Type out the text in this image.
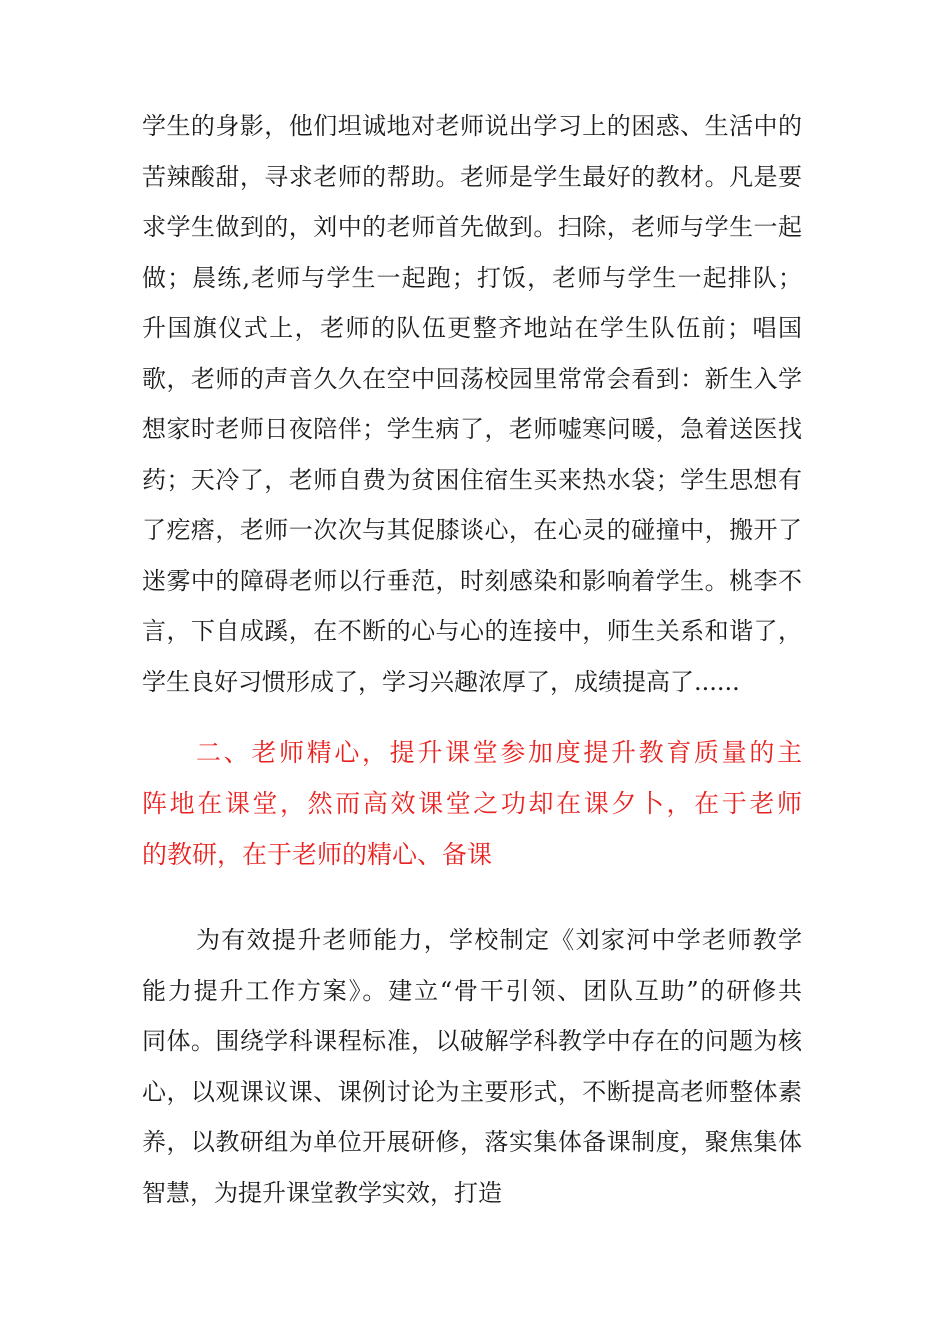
学生的身影，他们坦诚地对老师说出学习上的困惑、生活中的
苦辣酸甜，寻求老师的帮助。老师是学生最好的教材。凡是要
求学生做到的，刘中的老师首先做到。扫除，老师与学生一起
做；晨练,老师与学生一起跑；打饭，老师与学生一起排队；
升国旗仪式上，老师的队伍更整齐地站在学生队伍前；唱国
歌，老师的声音久久在空中回荡校园里常常会看到：新生入学
想家时老师日夜陪伴；学生病了，老师嘘寒问暖，急着送医找
药；天冷了，老师自费为贫困住宿生买来热水袋；学生思想有
了疙瘩，老师一次次与其促膝谈心，在心灵的碰撞中，搬开了
迷雾中的障碍老师以行垂范，时刻感染和影响着学生。桃李不
言，下自成蹊，在不断的心与心的连接中，师生关系和谐了，
学生良好习惯形成了，学习兴趣浓厚了，成绩提高了......
二、老师精心，提升课堂参加度提升教育质量的主
阵地在课堂，然而高效课堂之功却在课夕卜，在于老师
的教研，在于老师的精心、备课
为有效提升老师能力，学校制定《刘家河中学老师教学
能力提升工作方案》。建立“骨干引领、团队互助”的研修共
同体。围绕学科课程标准，以破解学科教学中存在的问题为核
心，以观课议课、课例讨论为主要形式，不断提高老师整体素
养，以教研组为单位开展研修，落实集体备课制度，聚焦集体
智慧，为提升课堂教学实效，打造
